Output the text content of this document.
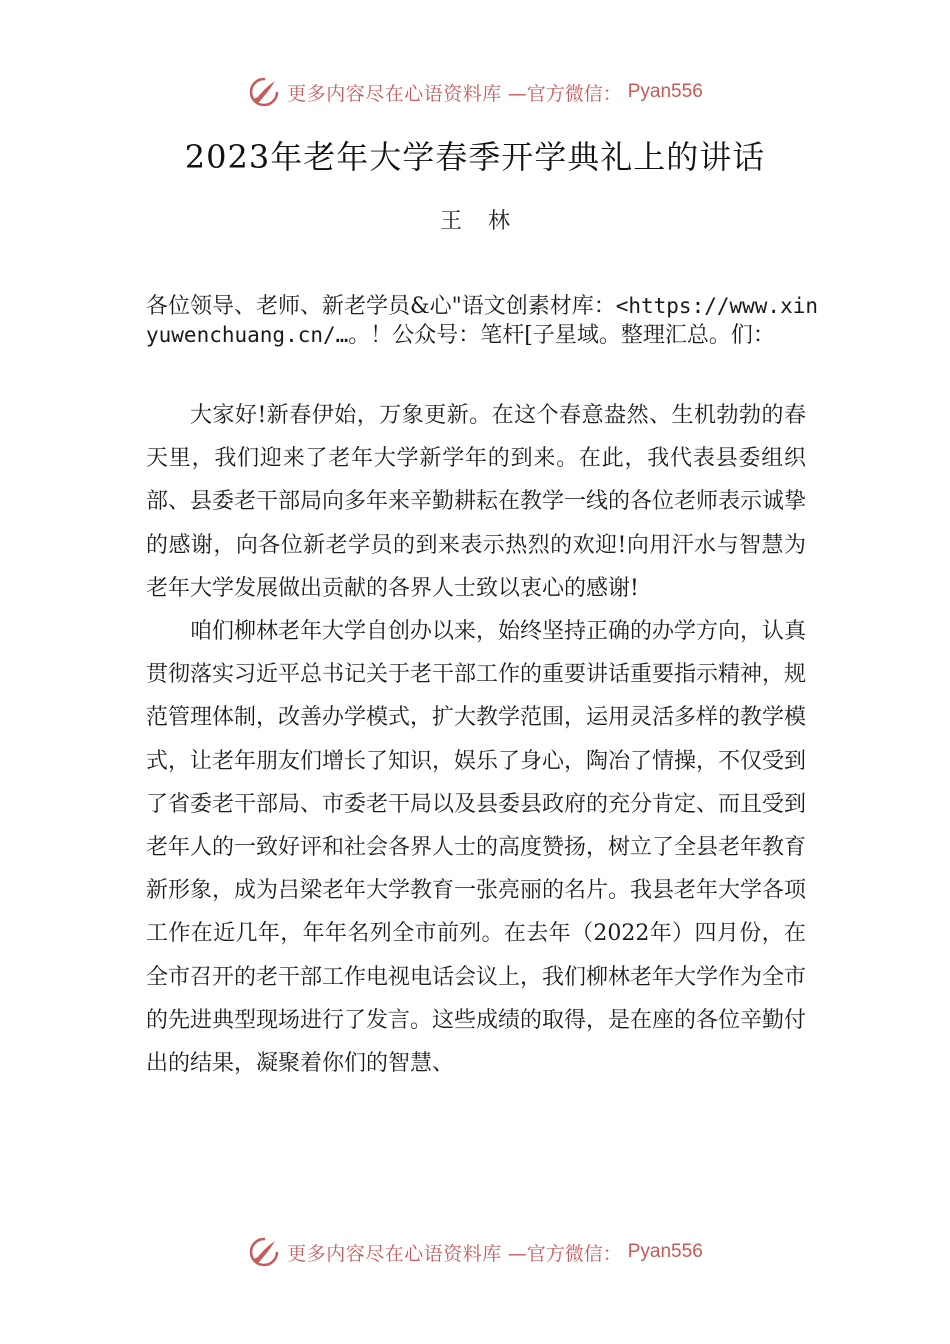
更多内容尽在心语资料库 —官方微信： Pyan556
2023年老年大学春季开学典礼上的讲话
王林
各位领导、老师、新老学员&心"语文创素材库：<https://www.xinyuwenchuang.cn/…。！公众号：笔杆[子星域。整理汇总。们：

大家好!新春伊始，万象更新。在这个春意盎然、生机勃勃的春天里，我们迎来了老年大学新学年的到来。在此，我代表县委组织部、县委老干部局向多年来辛勤耕耘在教学一线的各位老师表示诚挚的感谢，向各位新老学员的到来表示热烈的欢迎!向用汗水与智慧为老年大学发展做出贡献的各界人士致以衷心的感谢!

咱们柳林老年大学自创办以来，始终坚持正确的办学方向，认真贯彻落实习近平总书记关于老干部工作的重要讲话重要指示精神，规范管理体制，改善办学模式，扩大教学范围，运用灵活多样的教学模式，让老年朋友们增长了知识，娱乐了身心，陶冶了情操，不仅受到了省委老干部局、市委老干局以及县委县政府的充分肯定、而且受到老年人的一致好评和社会各界人士的高度赞扬，树立了全县老年教育新形象，成为吕梁老年大学教育一张亮丽的名片。我县老年大学各项工作在近几年，年年名列全市前列。在去年（2022年）四月份，在全市召开的老干部工作电视电话会议上，我们柳林老年大学作为全市的先进典型现场进行了发言。这些成绩的取得，是在座的各位辛勤付出的结果，凝聚着你们的智慧、

更多内容尽在心语资料库 —官方微信： Pyan556
